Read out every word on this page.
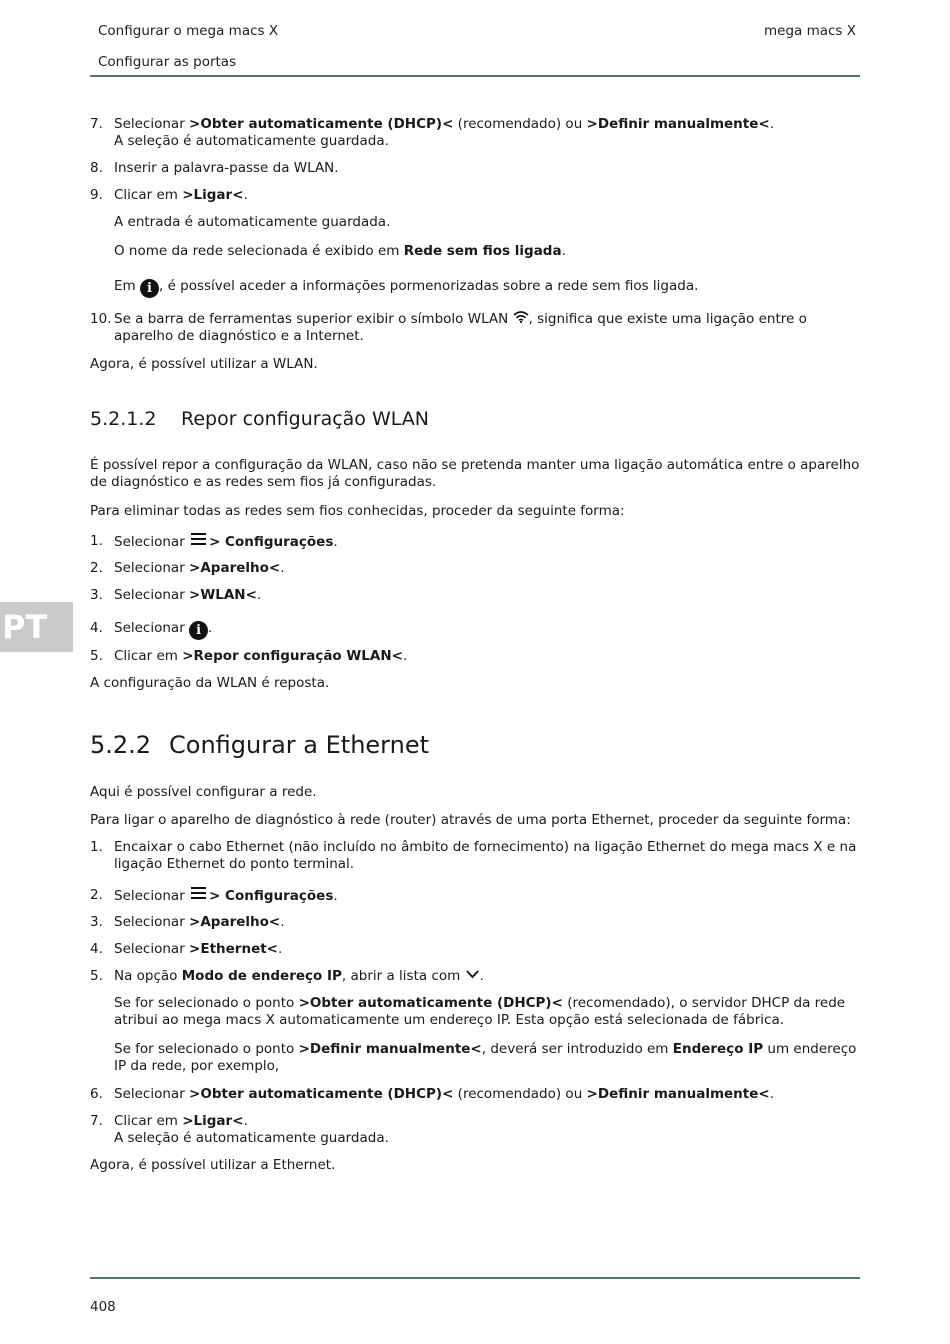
Configurar o mega macs X
Configurar as portas
mega macs X
PT
7. Selecionar >Obter automaticamente (DHCP)< (recomendado) ou >Definir manualmente<.
A seleção é automaticamente guardada.
8. Inserir a palavra-passe da WLAN.
9. Clicar em >Ligar<.
A entrada é automaticamente guardada.
O nome da rede selecionada é exibido em Rede sem fios ligada.
Em i , é possível aceder a informações pormenorizadas sobre a rede sem fios ligada.
10. Se a barra de ferramentas superior exibir o símbolo WLAN , significa que existe uma ligação entre o aparelho de diagnóstico e a Internet.
Agora, é possível utilizar a WLAN.
5.2.1.2 Repor configuração WLAN
É possível repor a configuração da WLAN, caso não se pretenda manter uma ligação automática entre o aparelho de diagnóstico e as redes sem fios já configuradas.
Para eliminar todas as redes sem fios conhecidas, proceder da seguinte forma:
1. Selecionar
> Configurações.
2. Selecionar >Aparelho<.
3. Selecionar >WLAN<.
4. Selecionar i .
5. Clicar em >Repor configuração WLAN<.
A configuração da WLAN é reposta.
5.2.2 Configurar a Ethernet
Aqui é possível configurar a rede.
Para ligar o aparelho de diagnóstico à rede (router) através de uma porta Ethernet, proceder da seguinte forma:
1. Encaixar o cabo Ethernet (não incluído no âmbito de fornecimento) na ligação Ethernet do mega macs X e na ligação Ethernet do ponto terminal.
2. Selecionar
> Configurações.
3. Selecionar >Aparelho<.
4. Selecionar >Ethernet<.
5. Na opção Modo de endereço IP, abrir a lista com .
Se for selecionado o ponto >Obter automaticamente (DHCP)< (recomendado), o servidor DHCP da rede atribui ao mega macs X automaticamente um endereço IP. Esta opção está selecionada de fábrica.
Se for selecionado o ponto >Definir manualmente<, deverá ser introduzido em Endereço IP um endereço IP da rede, por exemplo,
6. Selecionar >Obter automaticamente (DHCP)< (recomendado) ou >Definir manualmente<.
7. Clicar em >Ligar<.
A seleção é automaticamente guardada.
Agora, é possível utilizar a Ethernet.
408
